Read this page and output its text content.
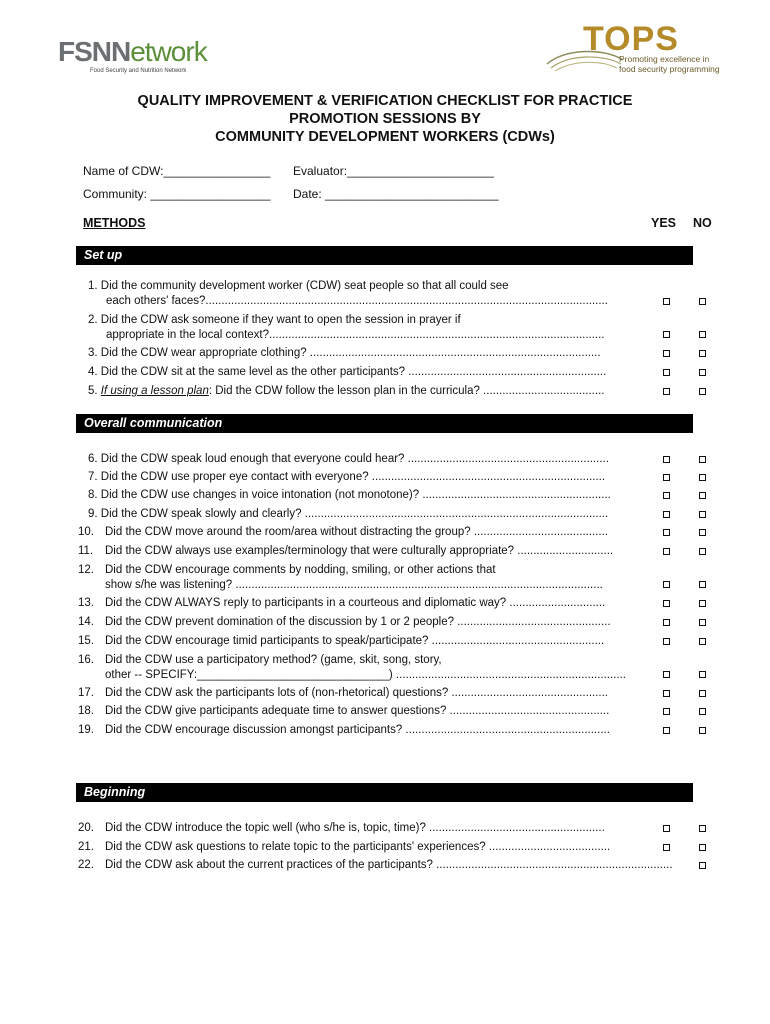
FSNNetwork
Food Security and Nutrition Network
TOPS
Promoting excellence in
food security programming
QUALITY IMPROVEMENT & VERIFICATION CHECKLIST FOR PRACTICE
PROMOTION SESSIONS BY
COMMUNITY DEVELOPMENT WORKERS (CDWs)
Name of CDW:________________ Evaluator:______________________
Community: __________________ Date: __________________________
METHODS	YES NO
Set up
1. Did the community development worker (CDW) seat people so that all could see
each others' faces?..............................................................................................................................
2. Did the CDW ask someone if they want to open the session in prayer if
appropriate in the local context?.........................................................................................................
3. Did the CDW wear appropriate clothing? ...........................................................................................
4. Did the CDW sit at the same level as the other participants? ..............................................................
5. If using a lesson plan: Did the CDW follow the lesson plan in the curricula? ......................................
Overall communication
6. Did the CDW speak loud enough that everyone could hear? ...............................................................
7. Did the CDW use proper eye contact with everyone? .........................................................................
8. Did the CDW use changes in voice intonation (not monotone)? ...........................................................
9. Did the CDW speak slowly and clearly? ...............................................................................................
10. Did the CDW move around the room/area without distracting the group? ..........................................
11. Did the CDW always use examples/terminology that were culturally appropriate? ..............................
12. Did the CDW encourage comments by nodding, smiling, or other actions that
show s/he was listening? ...................................................................................................................
13. Did the CDW ALWAYS reply to participants in a courteous and diplomatic way? ..............................
14. Did the CDW prevent domination of the discussion by 1 or 2 people? ................................................
15. Did the CDW encourage timid participants to speak/participate? ......................................................
16. Did the CDW use a participatory method? (game, skit, song, story,
other -- SPECIFY:______________________________) ........................................................................
17. Did the CDW ask the participants lots of (non-rhetorical) questions? .................................................
18. Did the CDW give participants adequate time to answer questions? ..................................................
19. Did the CDW encourage discussion amongst participants? ................................................................
Beginning
20. Did the CDW introduce the topic well (who s/he is, topic, time)? .......................................................
21. Did the CDW ask questions to relate topic to the participants' experiences? ......................................
22. Did the CDW ask about the current practices of the participants? ..........................................................................
